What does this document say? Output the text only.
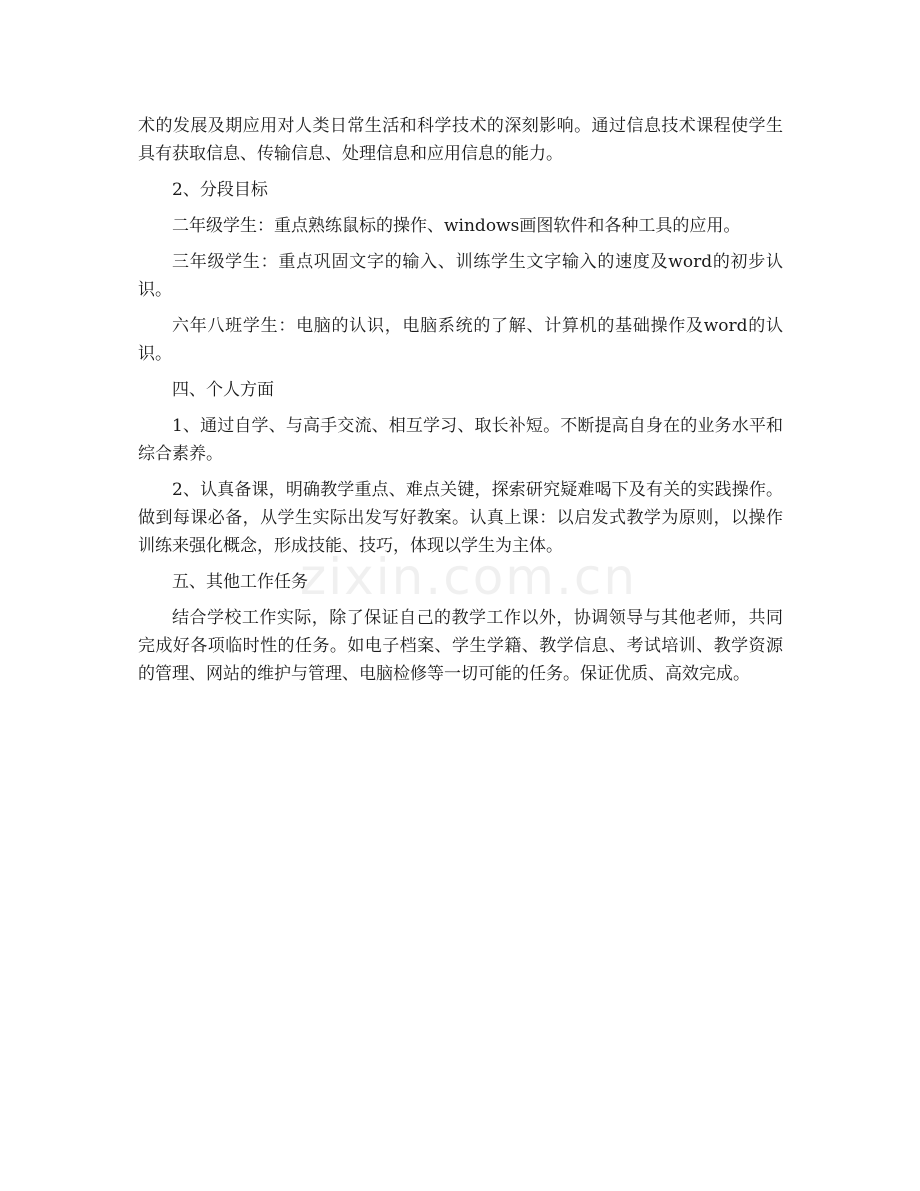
术的发展及期应用对人类日常生活和科学技术的深刻影响。通过信息技术课程使学生具有获取信息、传输信息、处理信息和应用信息的能力。

2、分段目标

二年级学生：重点熟练鼠标的操作、windows画图软件和各种工具的应用。

三年级学生：重点巩固文字的输入、训练学生文字输入的速度及word的初步认识。

六年八班学生：电脑的认识，电脑系统的了解、计算机的基础操作及word的认识。

四、个人方面

1、通过自学、与高手交流、相互学习、取长补短。不断提高自身在的业务水平和综合素养。

2、认真备课，明确教学重点、难点关键，探索研究疑难喝下及有关的实践操作。做到每课必备，从学生实际出发写好教案。认真上课：以启发式教学为原则，以操作训练来强化概念，形成技能、技巧，体现以学生为主体。

五、其他工作任务

结合学校工作实际，除了保证自己的教学工作以外，协调领导与其他老师，共同完成好各项临时性的任务。如电子档案、学生学籍、教学信息、考试培训、教学资源的管理、网站的维护与管理、电脑检修等一切可能的任务。保证优质、高效完成。

zixin.com.cn
